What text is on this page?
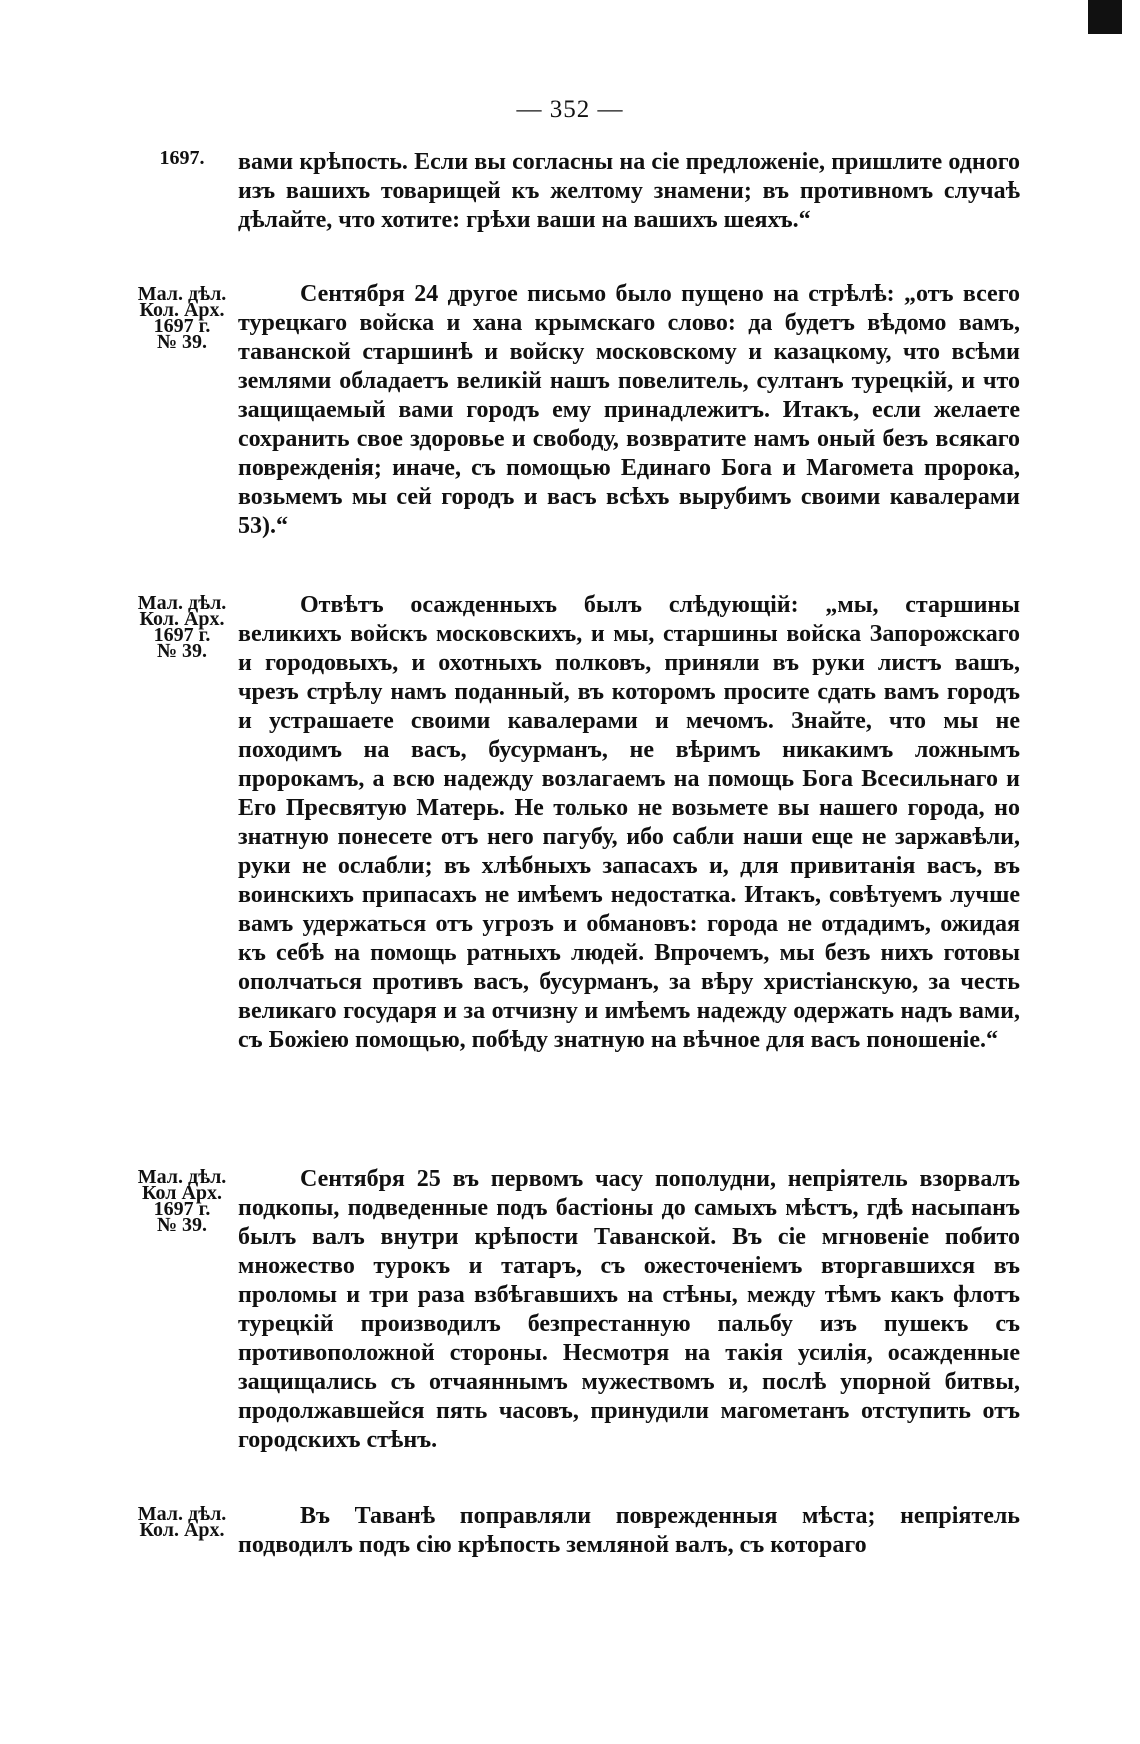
— 352 —
1697.	вами крѣпость. Если вы согласны на сіе предложеніе, пришлите одного изъ вашихъ товарищей къ желтому знамени; въ противномъ случаѣ дѣлайте, что хотите: грѣхи ваши на вашихъ шеяхъ.“

Мал. дѣл.
Кол. Арх.
1697 г.
№ 39.

Сентября 24 другое письмо было пущено на стрѣлѣ: „отъ всего турецкаго войска и хана крымскаго слово: да будетъ вѣдомо вамъ, таванской старшинѣ и войску московскому и казацкому, что всѣми землями обладаетъ великій нашъ повелитель, султанъ турецкій, и что защищаемый вами городъ ему принадлежитъ. Итакъ, если желаете сохранить свое здоровье и свободу, возвратите намъ оный безъ всякаго поврежденія; иначе, съ помощью Единаго Бога и Магомета пророка, возьмемъ мы сей городъ и васъ всѣхъ вырубимъ своими кавалерами 53).“

Мал. дѣл.
Кол. Арх.
1697 г.
№ 39.

Отвѣтъ осажденныхъ былъ слѣдующій: „мы, старшины великихъ войскъ московскихъ, и мы, старшины войска Запорожскаго и городовыхъ, и охотныхъ полковъ, приняли въ руки листъ вашъ, чрезъ стрѣлу намъ поданный, въ которомъ просите сдать вамъ городъ и устрашаете своими кавалерами и мечомъ. Знайте, что мы не походимъ на васъ, бусурманъ, не вѣримъ никакимъ ложнымъ пророкамъ, а всю надежду возлагаемъ на помощь Бога Всесильнаго и Его Пресвятую Матерь. Не только не возьмете вы нашего города, но знатную понесете отъ него пагубу, ибо сабли наши еще не заржавѣли, руки не ослабли; въ хлѣбныхъ запасахъ и, для привитанія васъ, въ воинскихъ припасахъ не имѣемъ недостатка. Итакъ, совѣтуемъ лучше вамъ удержаться отъ угрозъ и обмановъ: города не отдадимъ, ожидая къ себѣ на помощь ратныхъ людей. Впрочемъ, мы безъ нихъ готовы ополчаться противъ васъ, бусурманъ, за вѣру христіанскую, за честь великаго государя и за отчизну и имѣемъ надежду одержать надъ вами, съ Божіею помощью, побѣду знатную на вѣчное для васъ поношеніе.“

Мал. дѣл.
Кол Арх.
1697 г.
№ 39.

Сентября 25 въ первомъ часу пополудни, непріятель взорвалъ подкопы, подведенные подъ бастіоны до самыхъ мѣстъ, гдѣ насыпанъ былъ валъ внутри крѣпости Таванской. Въ сіе мгновеніе побито множество турокъ и татаръ, съ ожесточеніемъ вторгавшихся въ проломы и три раза взбѣгавшихъ на стѣны, между тѣмъ какъ флотъ турецкій производилъ безпрестанную пальбу изъ пушекъ съ противоположной стороны. Несмотря на такія усилія, осажденные защищались съ отчаяннымъ мужествомъ и, послѣ упорной битвы, продолжавшейся пять часовъ, принудили магометанъ отступить отъ городскихъ стѣнъ.

Мал. дѣл.
Кол. Арх.

Въ Таванѣ поправляли поврежденныя мѣста; непріятель подводилъ подъ сію крѣпость земляной валъ, съ котораго
